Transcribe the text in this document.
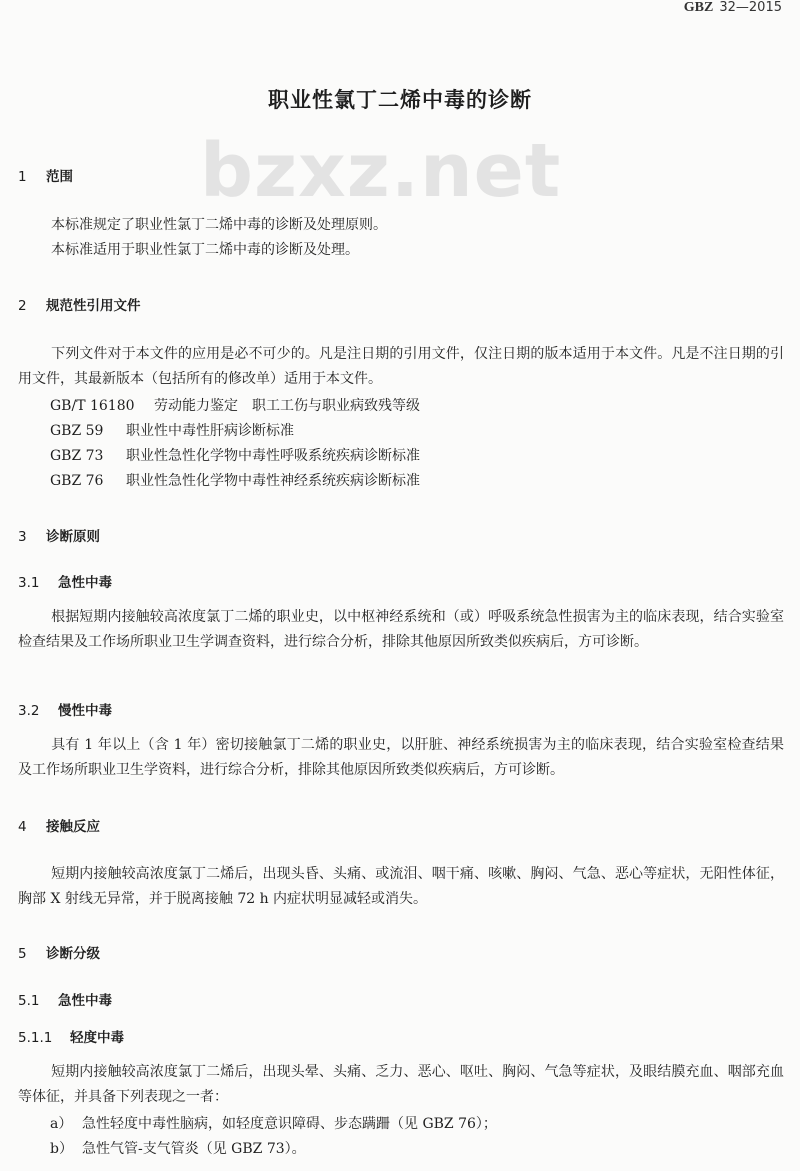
GBZ 32—2015
bzxz.net
职业性氯丁二烯中毒的诊断
1 范围
本标准规定了职业性氯丁二烯中毒的诊断及处理原则。
本标准适用于职业性氯丁二烯中毒的诊断及处理。
2 规范性引用文件
下列文件对于本文件的应用是必不可少的。凡是注日期的引用文件，仅注日期的版本适用于本文件。凡是不注日期的引用文件，其最新版本（包括所有的修改单）适用于本文件。
GB/T 16180 劳动能力鉴定　职工工伤与职业病致残等级
GBZ 59 职业性中毒性肝病诊断标准
GBZ 73 职业性急性化学物中毒性呼吸系统疾病诊断标准
GBZ 76 职业性急性化学物中毒性神经系统疾病诊断标准
3 诊断原则
3.1 急性中毒
根据短期内接触较高浓度氯丁二烯的职业史，以中枢神经系统和（或）呼吸系统急性损害为主的临床表现，结合实验室检查结果及工作场所职业卫生学调查资料，进行综合分析，排除其他原因所致类似疾病后，方可诊断。
3.2 慢性中毒
具有 1 年以上（含 1 年）密切接触氯丁二烯的职业史，以肝脏、神经系统损害为主的临床表现，结合实验室检查结果及工作场所职业卫生学资料，进行综合分析，排除其他原因所致类似疾病后，方可诊断。
4 接触反应
短期内接触较高浓度氯丁二烯后，出现头昏、头痛、或流泪、咽干痛、咳嗽、胸闷、气急、恶心等症状，无阳性体征，胸部 X 射线无异常，并于脱离接触 72 h 内症状明显减轻或消失。
5 诊断分级
5.1 急性中毒
5.1.1 轻度中毒
短期内接触较高浓度氯丁二烯后，出现头晕、头痛、乏力、恶心、呕吐、胸闷、气急等症状，及眼结膜充血、咽部充血等体征，并具备下列表现之一者：
a） 急性轻度中毒性脑病，如轻度意识障碍、步态蹒跚（见 GBZ 76）；
b） 急性气管-支气管炎（见 GBZ 73）。
